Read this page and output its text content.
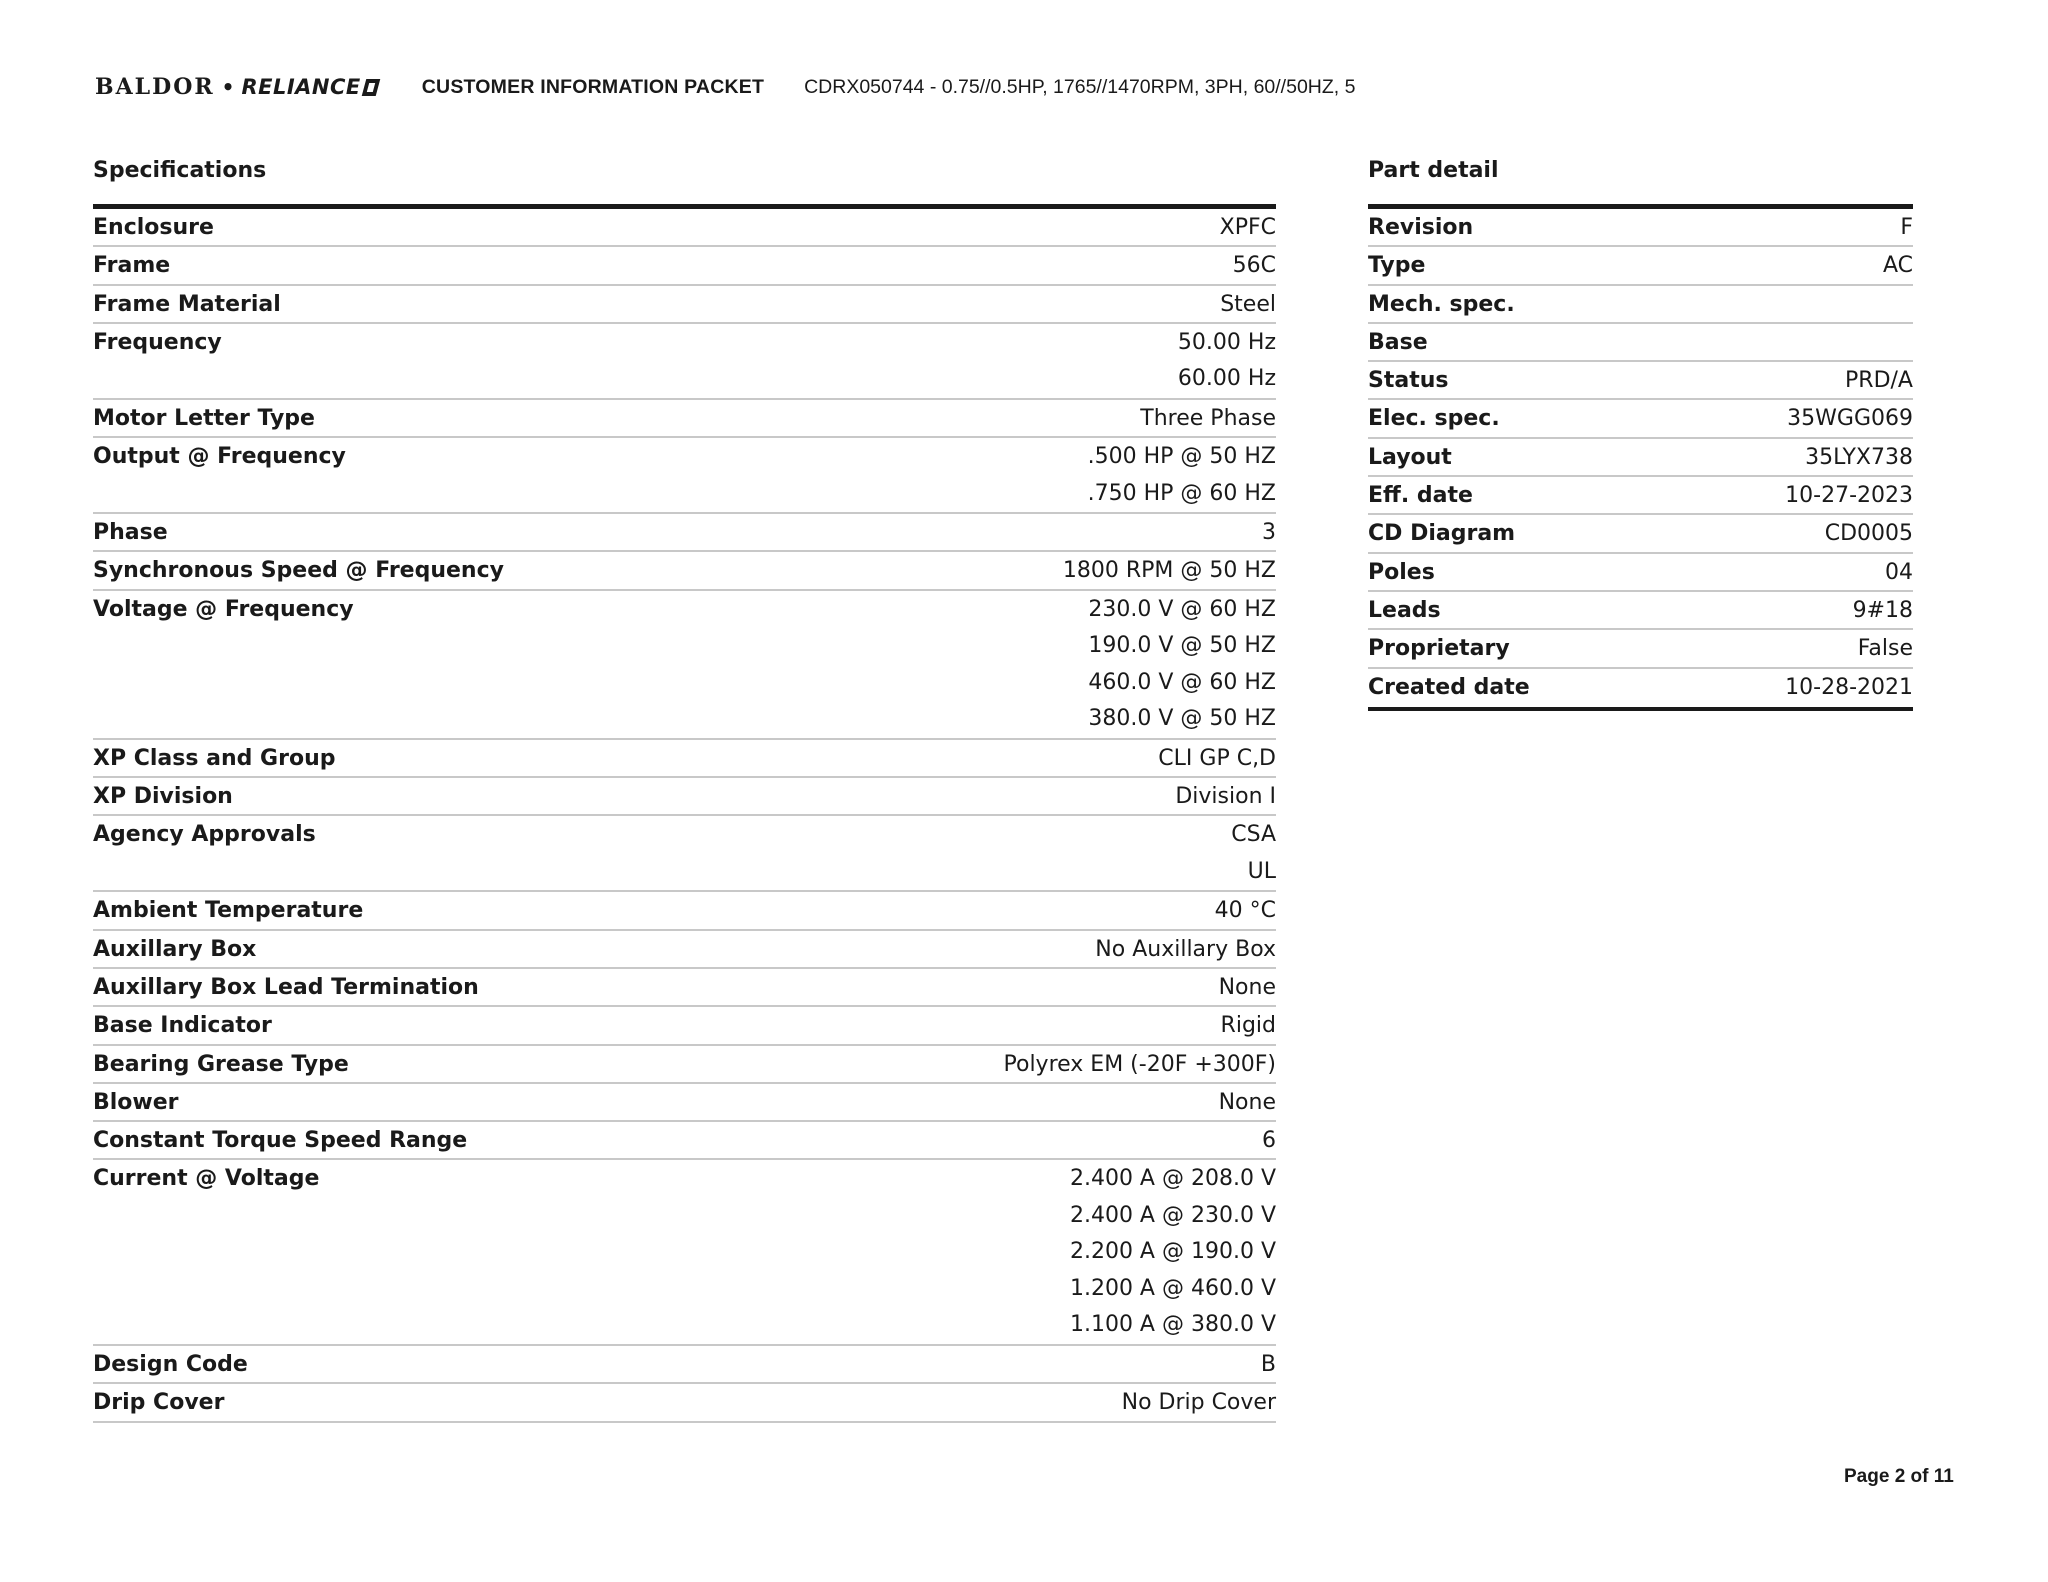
BALDOR • RELIANCE	CUSTOMER INFORMATION PACKET CDRX050744 - 0.75//0.5HP, 1765//1470RPM, 3PH, 60//50HZ, 5
Specifications
Enclosure	XPFC
Frame	56C
Frame Material	Steel
Frequency	50.00 Hz
60.00 Hz
Motor Letter Type	Three Phase
Output @ Frequency	.500 HP @ 50 HZ
.750 HP @ 60 HZ
Phase	3
Synchronous Speed @ Frequency	1800 RPM @ 50 HZ
Voltage @ Frequency	230.0 V @ 60 HZ
190.0 V @ 50 HZ
460.0 V @ 60 HZ
380.0 V @ 50 HZ
XP Class and Group	CLI GP C,D
XP Division	Division I
Agency Approvals	CSA
UL
Ambient Temperature	40 °C
Auxillary Box	No Auxillary Box
Auxillary Box Lead Termination	None
Base Indicator	Rigid
Bearing Grease Type	Polyrex EM (-20F +300F)
Blower	None
Constant Torque Speed Range	6
Current @ Voltage	2.400 A @ 208.0 V
2.400 A @ 230.0 V
2.200 A @ 190.0 V
1.200 A @ 460.0 V
1.100 A @ 380.0 V
Design Code	B
Drip Cover	No Drip Cover
Part detail
Revision	F
Type	AC
Mech. spec.
Base
Status	PRD/A
Elec. spec.	35WGG069
Layout	35LYX738
Eff. date	10-27-2023
CD Diagram	CD0005
Poles	04
Leads	9#18
Proprietary	False
Created date	10-28-2021
Page 2 of 11
